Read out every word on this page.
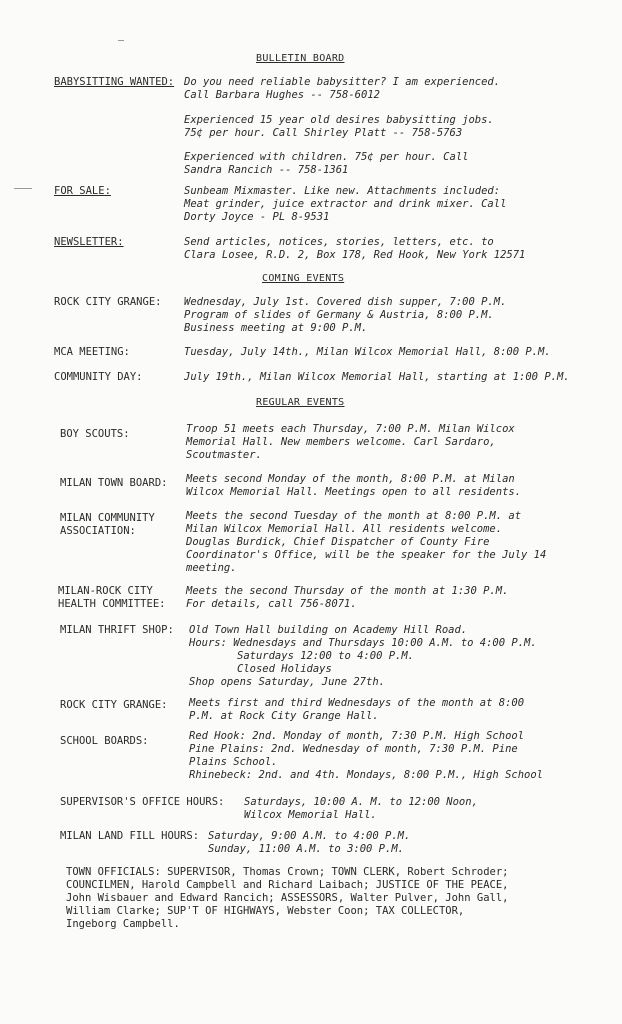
BULLETIN BOARD
BABYSITTING WANTED: Do you need reliable babysitter? I am experienced.
Call Barbara Hughes -- 758-6012
Experienced 15 year old desires babysitting jobs.
75¢ per hour. Call Shirley Platt -- 758-5763
Experienced with children. 75¢ per hour. Call
Sandra Rancich -- 758-1361
FOR SALE:	Sunbeam Mixmaster. Like new. Attachments included:
Meat grinder, juice extractor and drink mixer. Call
Dorty Joyce - PL 8-9531
NEWSLETTER:	Send articles, notices, stories, letters, etc. to
Clara Losee, R.D. 2, Box 178, Red Hook, New York 12571
COMING EVENTS
ROCK CITY GRANGE: Wednesday, July 1st. Covered dish supper, 7:00 P.M.
Program of slides of Germany & Austria, 8:00 P.M.
Business meeting at 9:00 P.M.
MCA MEETING:	Tuesday, July 14th., Milan Wilcox Memorial Hall, 8:00 P.M.
COMMUNITY DAY:	July 19th., Milan Wilcox Memorial Hall, starting at 1:00 P.M.
REGULAR EVENTS
BOY SCOUTS:	Troop 51 meets each Thursday, 7:00 P.M. Milan Wilcox
Memorial Hall. New members welcome. Carl Sardaro,
Scoutmaster.
MILAN TOWN BOARD: Meets second Monday of the month, 8:00 P.M. at Milan
Wilcox Memorial Hall. Meetings open to all residents.
MILAN COMMUNITY
ASSOCIATION:
Meets the second Tuesday of the month at 8:00 P.M. at
Milan Wilcox Memorial Hall. All residents welcome.
Douglas Burdick, Chief Dispatcher of County Fire
Coordinator's Office, will be the speaker for the July 14
meeting.
MILAN-ROCK CITY
HEALTH COMMITTEE:
Meets the second Thursday of the month at 1:30 P.M.
For details, call 756-8071.
MILAN THRIFT SHOP: Old Town Hall building on Academy Hill Road.
Hours: Wednesdays and Thursdays 10:00 A.M. to 4:00 P.M.
Saturdays 12:00 to 4:00 P.M.
Closed Holidays
Shop opens Saturday, June 27th.
ROCK CITY GRANGE: Meets first and third Wednesdays of the month at 8:00
P.M. at Rock City Grange Hall.
SCHOOL BOARDS:	Red Hook: 2nd. Monday of month, 7:30 P.M. High School
Pine Plains: 2nd. Wednesday of month, 7:30 P.M. Pine
Plains School.
Rhinebeck: 2nd. and 4th. Mondays, 8:00 P.M., High School
SUPERVISOR'S OFFICE HOURS: Saturdays, 10:00 A. M. to 12:00 Noon,
Wilcox Memorial Hall.
MILAN LAND FILL HOURS: Saturday, 9:00 A.M. to 4:00 P.M.
Sunday, 11:00 A.M. to 3:00 P.M.
TOWN OFFICIALS: SUPERVISOR, Thomas Crown; TOWN CLERK, Robert Schroder;
COUNCILMEN, Harold Campbell and Richard Laibach; JUSTICE OF THE PEACE,
John Wisbauer and Edward Rancich; ASSESSORS, Walter Pulver, John Gall,
William Clarke; SUP'T OF HIGHWAYS, Webster Coon; TAX COLLECTOR,
Ingeborg Campbell.
